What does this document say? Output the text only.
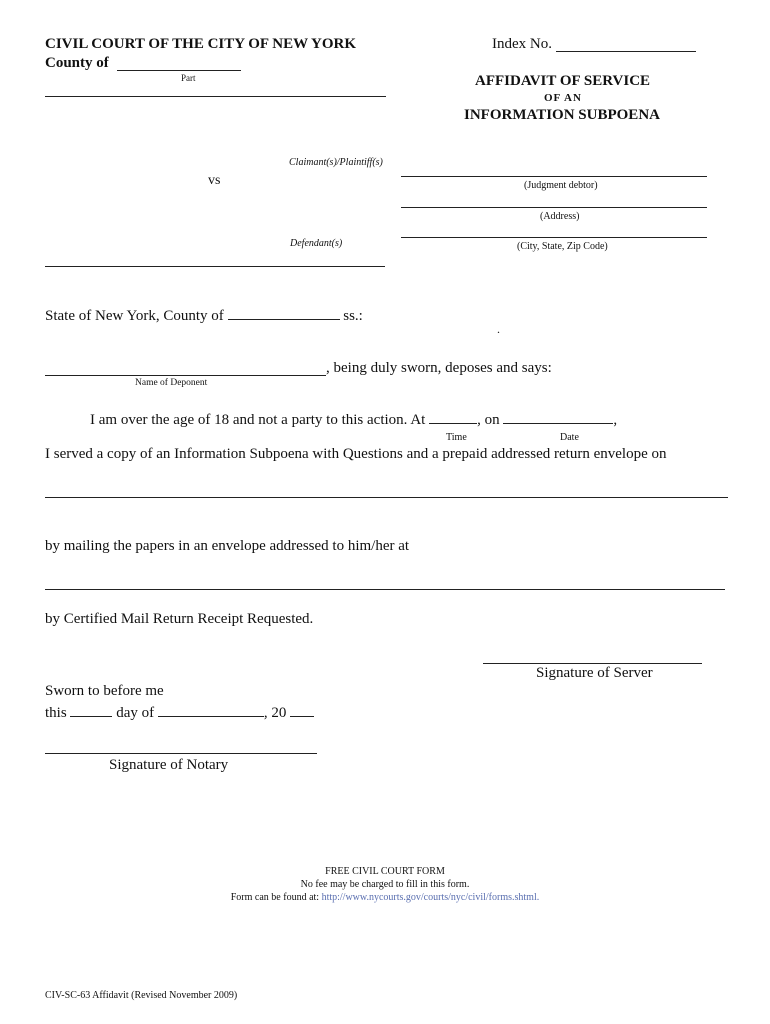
CIVIL COURT OF THE CITY OF NEW YORK
County of
Part
Index No.
AFFIDAVIT OF SERVICE
OF AN
INFORMATION SUBPOENA
Claimant(s)/Plaintiff(s)
vs
Defendant(s)
(Judgment debtor)
(Address)
(City, State, Zip Code)
State of New York, County of	ss.:
.
, being duly sworn, deposes and says:
Name of Deponent
I am over the age of 18 and not a party to this action. At	, on	,
Time	Date
I served a copy of an Information Subpoena with Questions and a prepaid addressed return envelope on
by mailing the papers in an envelope addressed to him/her at
by Certified Mail Return Receipt Requested.
Signature of Server
Sworn to before me
this	day of	, 20
Signature of Notary
FREE CIVIL COURT FORM
No fee may be charged to fill in this form.
Form can be found at: http://www.nycourts.gov/courts/nyc/civil/forms.shtml.
CIV-SC-63 Affidavit (Revised November 2009)
